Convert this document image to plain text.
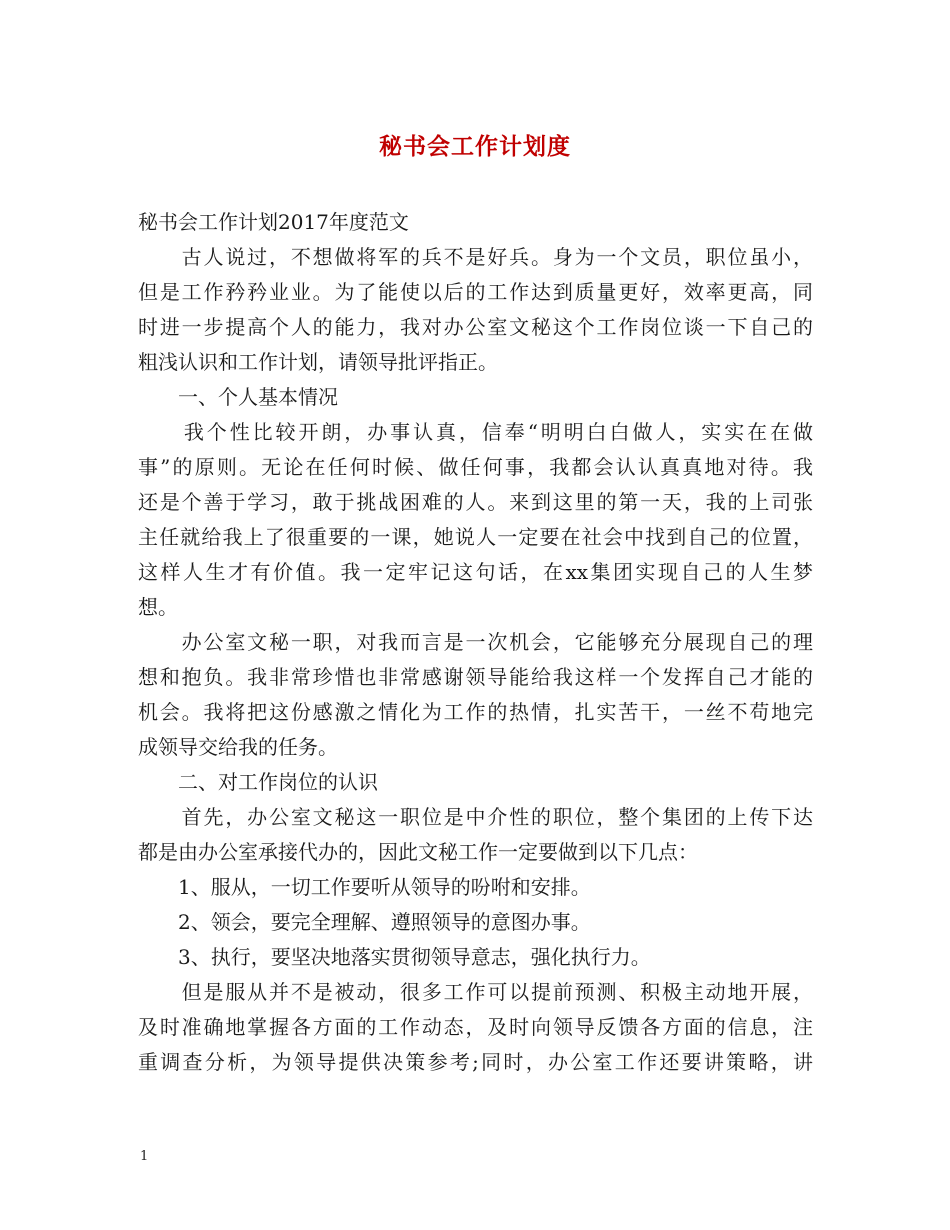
秘书会工作计划度
秘书会工作计划2017年度范文
　　古人说过，不想做将军的兵不是好兵。身为一个文员，职位虽小，
但是工作矜矜业业。为了能使以后的工作达到质量更好，效率更高，同
时进一步提高个人的能力，我对办公室文秘这个工作岗位谈一下自己的
粗浅认识和工作计划，请领导批评指正。
　　一、个人基本情况
　　我个性比较开朗，办事认真，信奉“明明白白做人，实实在在做
事”的原则。无论在任何时候、做任何事，我都会认认真真地对待。我
还是个善于学习，敢于挑战困难的人。来到这里的第一天，我的上司张
主任就给我上了很重要的一课，她说人一定要在社会中找到自己的位置，
这样人生才有价值。我一定牢记这句话，在xx集团实现自己的人生梦
想。
　　办公室文秘一职，对我而言是一次机会，它能够充分展现自己的理
想和抱负。我非常珍惜也非常感谢领导能给我这样一个发挥自己才能的
机会。我将把这份感激之情化为工作的热情，扎实苦干，一丝不苟地完
成领导交给我的任务。
　　二、对工作岗位的认识
　　首先，办公室文秘这一职位是中介性的职位，整个集团的上传下达
都是由办公室承接代办的，因此文秘工作一定要做到以下几点：
　　1、服从，一切工作要听从领导的吩咐和安排。
　　2、领会，要完全理解、遵照领导的意图办事。
　　3、执行，要坚决地落实贯彻领导意志，强化执行力。
　　但是服从并不是被动，很多工作可以提前预测、积极主动地开展，
及时准确地掌握各方面的工作动态，及时向领导反馈各方面的信息，注
重调查分析，为领导提供决策参考;同时，办公室工作还要讲策略，讲
1
